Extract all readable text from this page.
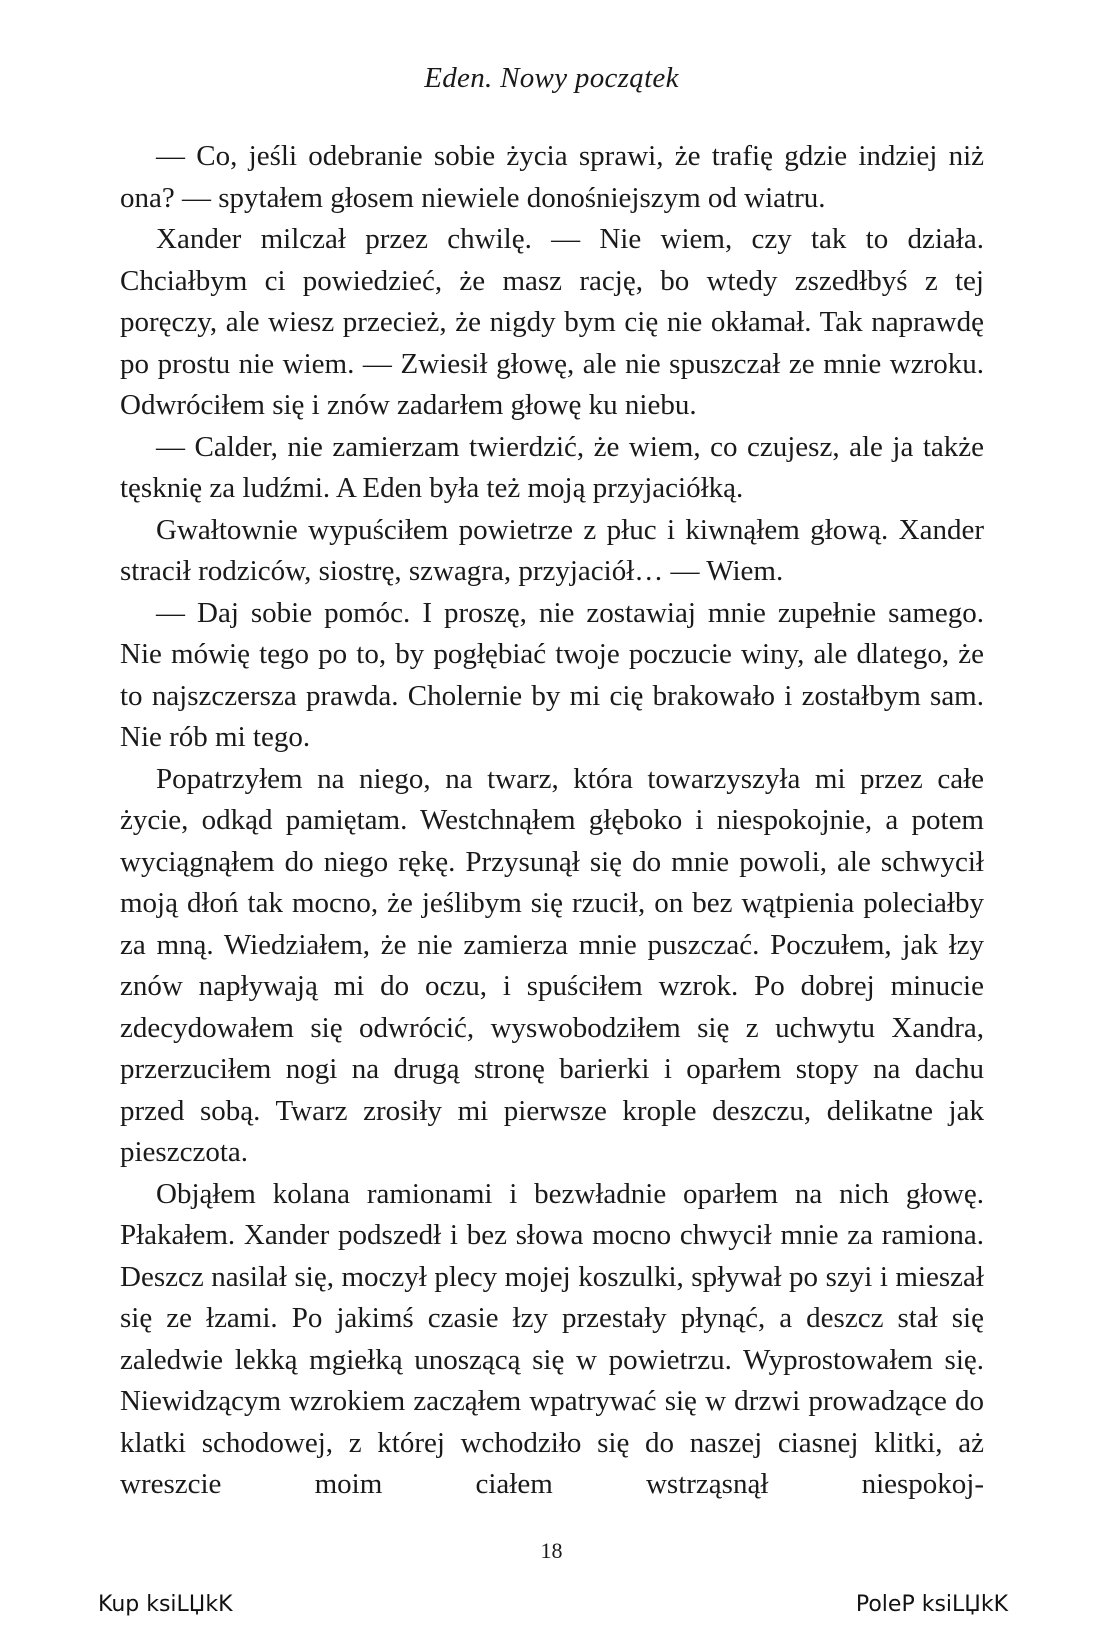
Eden. Nowy początek

— Co, jeśli odebranie sobie życia sprawi, że trafię gdzie indziej niż ona? — spytałem głosem niewiele donośniejszym od wiatru.

Xander milczał przez chwilę. — Nie wiem, czy tak to działa. Chciałbym ci powiedzieć, że masz rację, bo wtedy zszedłbyś z tej poręczy, ale wiesz przecież, że nigdy bym cię nie okłamał. Tak naprawdę po prostu nie wiem. — Zwiesił głowę, ale nie spuszczał ze mnie wzroku. Odwróciłem się i znów zadarłem głowę ku niebu.

— Calder, nie zamierzam twierdzić, że wiem, co czujesz, ale ja także tęsknię za ludźmi. A Eden była też moją przyjaciółką.

Gwałtownie wypuściłem powietrze z płuc i kiwnąłem głową. Xander stracił rodziców, siostrę, szwagra, przyjaciół… — Wiem.

— Daj sobie pomóc. I proszę, nie zostawiaj mnie zupełnie samego. Nie mówię tego po to, by pogłębiać twoje poczucie winy, ale dlatego, że to najszczersza prawda. Cholernie by mi cię brakowało i zostałbym sam. Nie rób mi tego.

Popatrzyłem na niego, na twarz, która towarzyszyła mi przez całe życie, odkąd pamiętam. Westchnąłem głęboko i niespokojnie, a potem wyciągnąłem do niego rękę. Przysunął się do mnie powoli, ale schwycił moją dłoń tak mocno, że jeślibym się rzucił, on bez wątpienia poleciałby za mną. Wiedziałem, że nie zamierza mnie puszczać. Poczułem, jak łzy znów napływają mi do oczu, i spuściłem wzrok. Po dobrej minucie zdecydowałem się odwrócić, wyswobodziłem się z uchwytu Xandra, przerzuciłem nogi na drugą stronę barierki i oparłem stopy na dachu przed sobą. Twarz zrosiły mi pierwsze krople deszczu, delikatne jak pieszczota.

Objąłem kolana ramionami i bezwładnie oparłem na nich głowę. Płakałem. Xander podszedł i bez słowa mocno chwycił mnie za ramiona. Deszcz nasilał się, moczył plecy mojej koszulki, spływał po szyi i mieszał się ze łzami. Po jakimś czasie łzy przestały płynąć, a deszcz stał się zaledwie lekką mgiełką unoszącą się w powietrzu. Wyprostowałem się. Niewidzącym wzrokiem zacząłem wpatrywać się w drzwi prowadzące do klatki schodowej, z której wchodziło się do naszej ciasnej klitki, aż wreszcie moim ciałem wstrząsnął niespokoj-

18
Kup ksiLЏkK	PoleP ksiLЏkK
